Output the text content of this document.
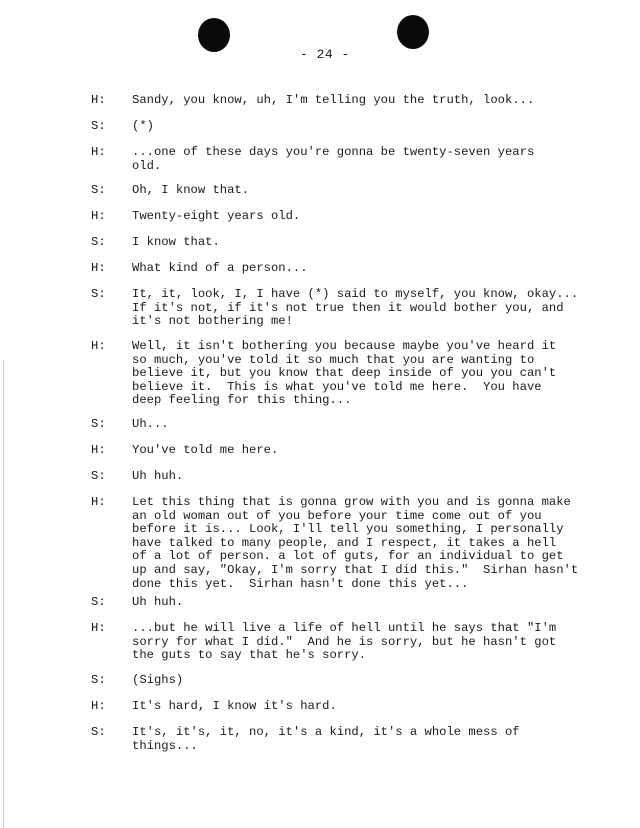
- 24 -
H: Sandy, you know, uh, I'm telling you the truth, look...
S: (*)
H: ...one of these days you're gonna be twenty-seven years
old.
S: Oh, I know that.
H: Twenty-eight years old.
S: I know that.
H: What kind of a person...
S: It, it, look, I, I have (*) said to myself, you know, okay...
If it's not, if it's not true then it would bother you, and
it's not bothering me!
H: Well, it isn't bothering you because maybe you've heard it
so much, you've told it so much that you are wanting to
believe it, but you know that deep inside of you you can't
believe it.  This is what you've told me here.  You have
deep feeling for this thing...
S: Uh...
H: You've told me here.
S: Uh huh.
H: Let this thing that is gonna grow with you and is gonna make
an old woman out of you before your time come out of you
before it is... Look, I'll tell you something, I personally
have talked to many people, and I respect, it takes a hell
of a lot of person. a lot of guts, for an individual to get
up and say, "Okay, I'm sorry that I did this."  Sirhan hasn't
done this yet.  Sirhan hasn't done this yet...
S: Uh huh.
H: ...but he will live a life of hell until he says that "I'm
sorry for what I did."  And he is sorry, but he hasn't got
the guts to say that he's sorry.
S: (Sighs)
H: It's hard, I know it's hard.
S: It's, it's, it, no, it's a kind, it's a whole mess of
things...
